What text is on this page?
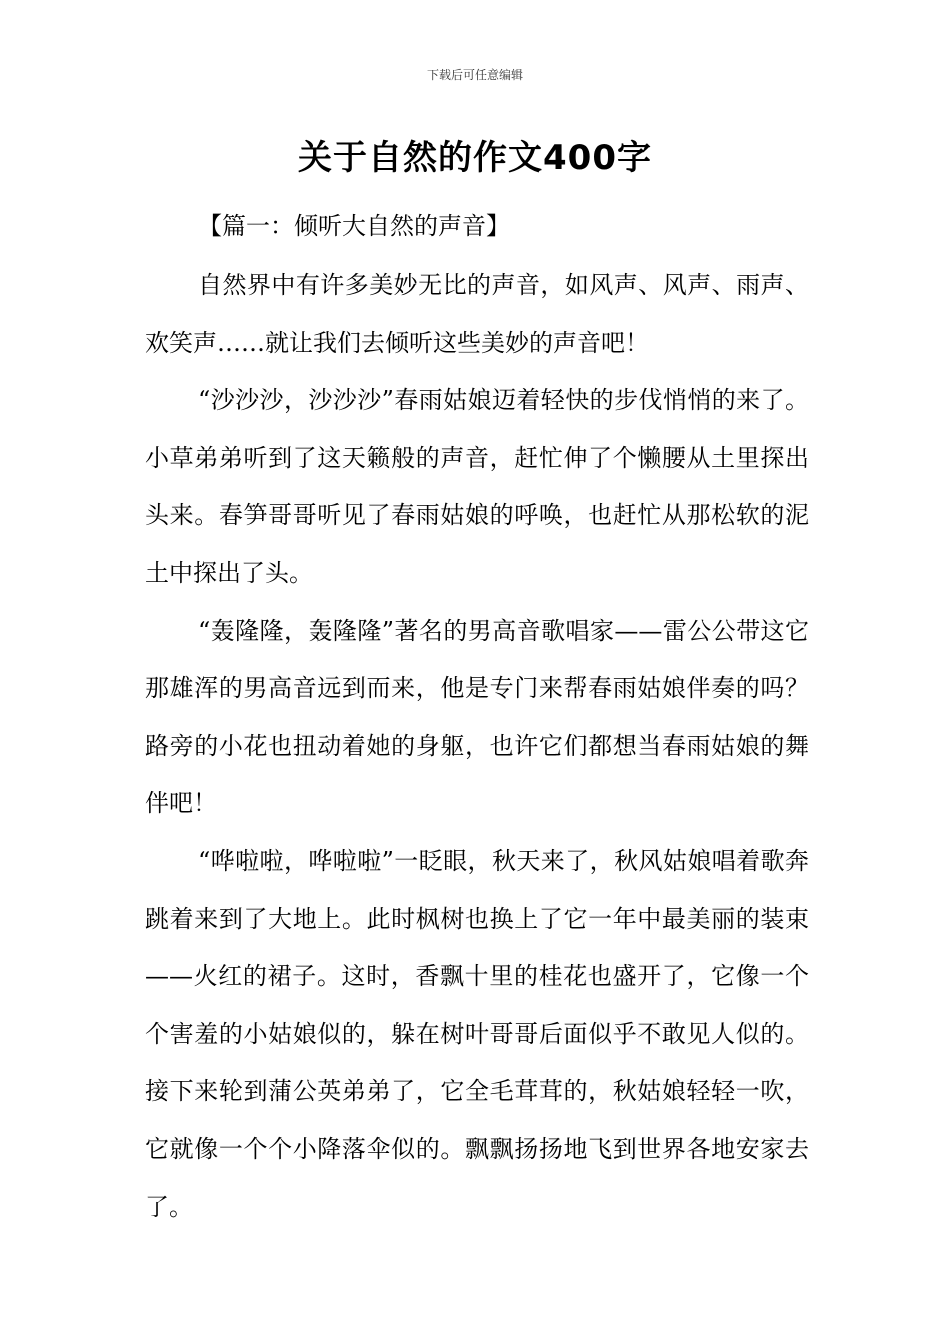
下载后可任意编辑
关于自然的作文400字
【篇一：倾听大自然的声音】

自然界中有许多美妙无比的声音，如风声、风声、雨声、欢笑声……就让我们去倾听这些美妙的声音吧！

“沙沙沙，沙沙沙”春雨姑娘迈着轻快的步伐悄悄的来了。小草弟弟听到了这天籁般的声音，赶忙伸了个懒腰从土里探出头来。春笋哥哥听见了春雨姑娘的呼唤，也赶忙从那松软的泥土中探出了头。

“轰隆隆，轰隆隆”著名的男高音歌唱家——雷公公带这它那雄浑的男高音远到而来，他是专门来帮春雨姑娘伴奏的吗？路旁的小花也扭动着她的身躯，也许它们都想当春雨姑娘的舞伴吧！

“哗啦啦，哗啦啦”一眨眼，秋天来了，秋风姑娘唱着歌奔跳着来到了大地上。此时枫树也换上了它一年中最美丽的装束——火红的裙子。这时，香飘十里的桂花也盛开了，它像一个个害羞的小姑娘似的，躲在树叶哥哥后面似乎不敢见人似的。接下来轮到蒲公英弟弟了，它全毛茸茸的，秋姑娘轻轻一吹，它就像一个个小降落伞似的。飘飘扬扬地飞到世界各地安家去了。
